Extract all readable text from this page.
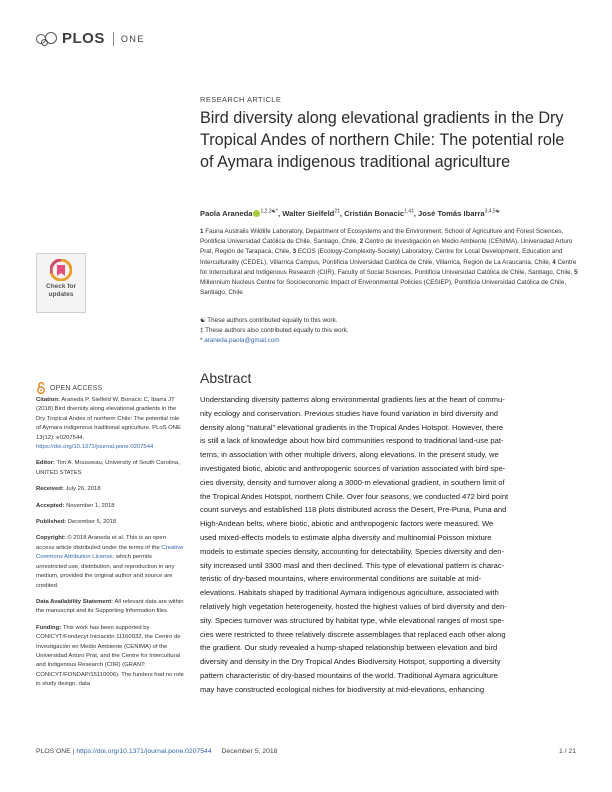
PLOS ONE
RESEARCH ARTICLE
Bird diversity along elevational gradients in the Dry Tropical Andes of northern Chile: The potential role of Aymara indigenous traditional agriculture
Paola Araneda $^{1,2,3☯*}$, Walter Sielfeld$^{2\ddagger}$, Cristián Bonacic$^{1,4\ddagger}$, José Tomás Ibarra$^{3,4,5☯}$
1 Fauna Australis Wildlife Laboratory, Department of Ecosystems and the Environment, School of Agriculture and Forest Sciences, Pontificia Universidad Católica de Chile, Santiago, Chile, 2 Centro de Investigación en Medio Ambiente (CENIMA), Universidad Arturo Prat, Región de Tarapacá, Chile, 3 ECOS (Ecology-Complexity-Society) Laboratory, Centre for Local Development, Education and Interculturality (CEDEL), Villarrica Campus, Pontificia Universidad Católica de Chile, Villarrica, Región de La Araucanía, Chile, 4 Centre for Intercultural and Indigenous Research (CIIR), Faculty of Social Sciences, Pontificia Universidad Católica de Chile, Santiago, Chile, 5 Millennium Nucleus Centre for Socioeconomic Impact of Environmental Policies (CESIEP), Pontificia Universidad Católica de Chile, Santiago, Chile
☯ These authors contributed equally to this work.
‡ These authors also contributed equally to this work.
* araneda.paola@gmail.com
Abstract
Understanding diversity patterns along environmental gradients lies at the heart of commu-
nity ecology and conservation. Previous studies have found variation in bird diversity and
density along “natural” elevational gradients in the Tropical Andes Hotspot. However, there
is still a lack of knowledge about how bird communities respond to traditional land-use pat-
terns, in association with other multiple drivers, along elevations. In the present study, we
investigated biotic, abiotic and anthropogenic sources of variation associated with bird spe-
cies diversity, density and turnover along a 3000-m elevational gradient, in southern limit of
the Tropical Andes Hotspot, northern Chile. Over four seasons, we conducted 472 bird point
count surveys and established 118 plots distributed across the Desert, Pre-Puna, Puna and
High-Andean belts, where biotic, abiotic and anthropogenic factors were measured. We
used mixed-effects models to estimate alpha diversity and multinomial Poisson mixture
models to estimate species density, accounting for detectability. Species diversity and den-
sity increased until 3300 masl and then declined. This type of elevational pattern is charac-
teristic of dry-based mountains, where environmental conditions are suitable at mid-
elevations. Habitats shaped by traditional Aymara indigenous agriculture, associated with
relatively high vegetation heterogeneity, hosted the highest values of bird diversity and den-
sity. Species turnover was structured by habitat type, while elevational ranges of most spe-
cies were restricted to three relatively discrete assemblages that replaced each other along
the gradient. Our study revealed a hump-shaped relationship between elevation and bird
diversity and density in the Dry Tropical Andes Biodiversity Hotspot, supporting a diversity
pattern characteristic of dry-based mountains of the world. Traditional Aymara agriculture
may have constructed ecological niches for biodiversity at mid-elevations, enhancing
Check for updates
OPEN ACCESS
Citation: Araneda P, Sielfeld W, Bonacic C, Ibarra JT (2018) Bird diversity along elevational gradients in the Dry Tropical Andes of northern Chile: The potential role of Aymara indigenous traditional agriculture. PLoS ONE 13(12): e0207544. https://doi.org/10.1371/journal.pone.0207544
Editor: Tim A. Mousseau, University of South Carolina, UNITED STATES
Received: July 26, 2018
Accepted: November 1, 2018
Published: December 5, 2018
Copyright: © 2018 Araneda et al. This is an open access article distributed under the terms of the Creative Commons Attribution License, which permits unrestricted use, distribution, and reproduction in any medium, provided the original author and source are credited.
Data Availability Statement: All relevant data are within the manuscript and its Supporting Information files.
Funding: This work has been supported by CONICYT/Fondecyt Iniciación 11160932, the Centro de Investigación en Medio Ambiente (CENIMA) of the Universidad Arturo Prat, and the Centre for Intercultural and Indigenous Research (CIIR) (GRANT: CONICYT/FONDAP/15110006). The funders had no role in study design, data
PLOS ONE | https://doi.org/10.1371/journal.pone.0207544 December 5, 2018	1 / 21
